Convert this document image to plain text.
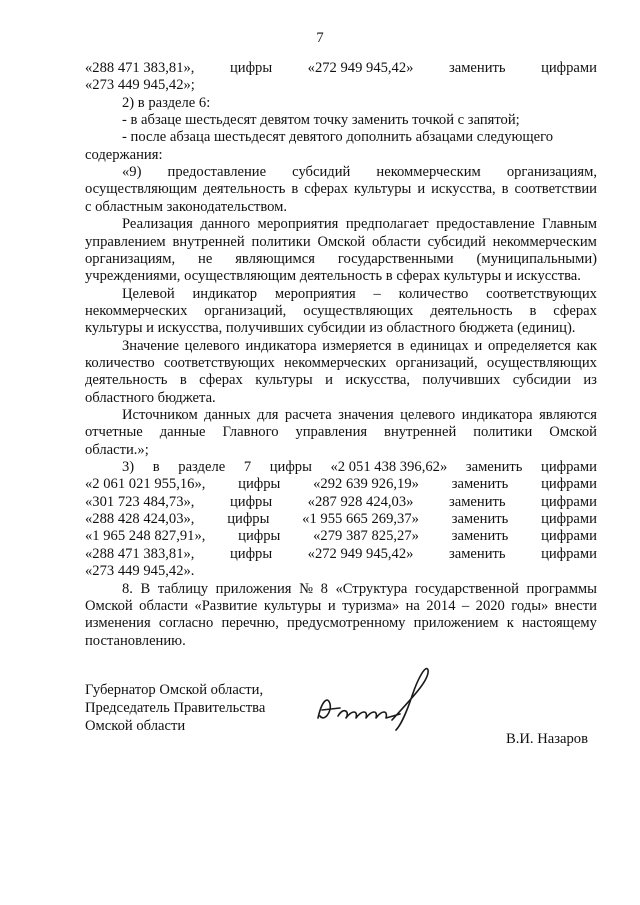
7
«288 471 383,81», цифры «272 949 945,42» заменить цифрами
«273 449 945,42»;
2) в разделе 6:
- в абзаце шестьдесят девятом точку заменить точкой с запятой;
- после абзаца шестьдесят девятого дополнить абзацами следующего
содержания:
«9) предоставление субсидий некоммерческим организациям,
осуществляющим деятельность в сферах культуры и искусства, в соответствии
с областным законодательством.
Реализация данного мероприятия предполагает предоставление Главным
управлением внутренней политики Омской области субсидий некоммерческим
организациям, не являющимся государственными (муниципальными)
учреждениями, осуществляющим деятельность в сферах культуры и искусства.
Целевой индикатор мероприятия – количество соответствующих
некоммерческих организаций, осуществляющих деятельность в сферах
культуры и искусства, получивших субсидии из областного бюджета (единиц).
Значение целевого индикатора измеряется в единицах и определяется как
количество соответствующих некоммерческих организаций, осуществляющих
деятельность в сферах культуры и искусства, получивших субсидии из
областного бюджета.
Источником данных для расчета значения целевого индикатора являются
отчетные данные Главного управления внутренней политики Омской
области.»;
3) в разделе 7 цифры «2 051 438 396,62» заменить цифрами
«2 061 021 955,16», цифры «292 639 926,19» заменить цифрами
«301 723 484,73», цифры «287 928 424,03» заменить цифрами
«288 428 424,03», цифры «1 955 665 269,37» заменить цифрами
«1 965 248 827,91», цифры «279 387 825,27» заменить цифрами
«288 471 383,81», цифры «272 949 945,42» заменить цифрами
«273 449 945,42».
8. В таблицу приложения № 8 «Структура государственной программы
Омской области «Развитие культуры и туризма» на 2014 – 2020 годы» внести
изменения согласно перечню, предусмотренному приложением к настоящему
постановлению.
Губернатор Омской области,
Председатель Правительства
Омской области
В.И. Назаров
